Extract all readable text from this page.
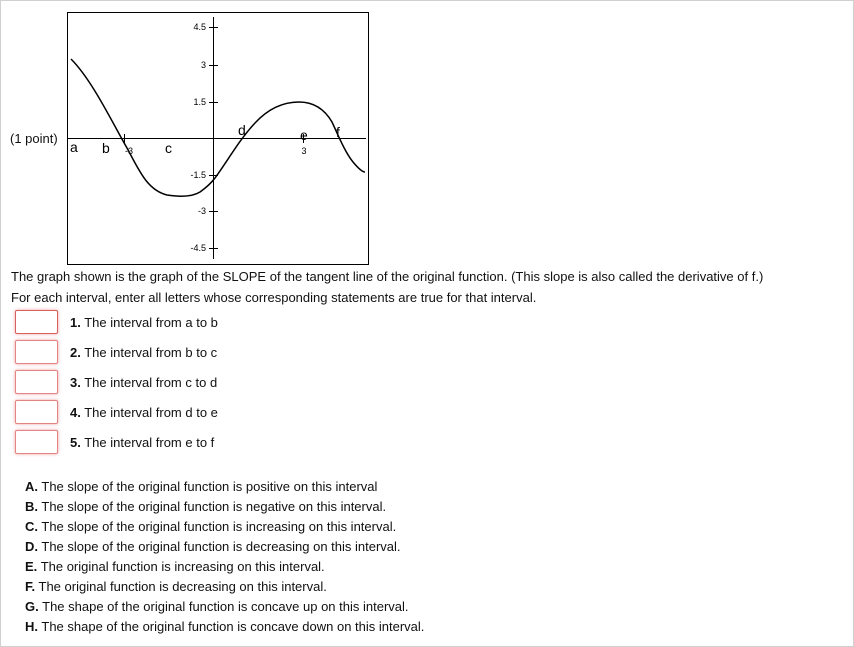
(1 point)
4.5
3
1.5
-1.5
-3
-4.5
-3	3
a b	c
d	e f
The graph shown is the graph of the SLOPE of the tangent line of the original function. (This slope is also called the derivative of f.)
For each interval, enter all letters whose corresponding statements are true for that interval.
1. The interval from a to b
2. The interval from b to c
3. The interval from c to d
4. The interval from d to e
5. The interval from e to f
A. The slope of the original function is positive on this interval
B. The slope of the original function is negative on this interval.
C. The slope of the original function is increasing on this interval.
D. The slope of the original function is decreasing on this interval.
E. The original function is increasing on this interval.
F. The original function is decreasing on this interval.
G. The shape of the original function is concave up on this interval.
H. The shape of the original function is concave down on this interval.
